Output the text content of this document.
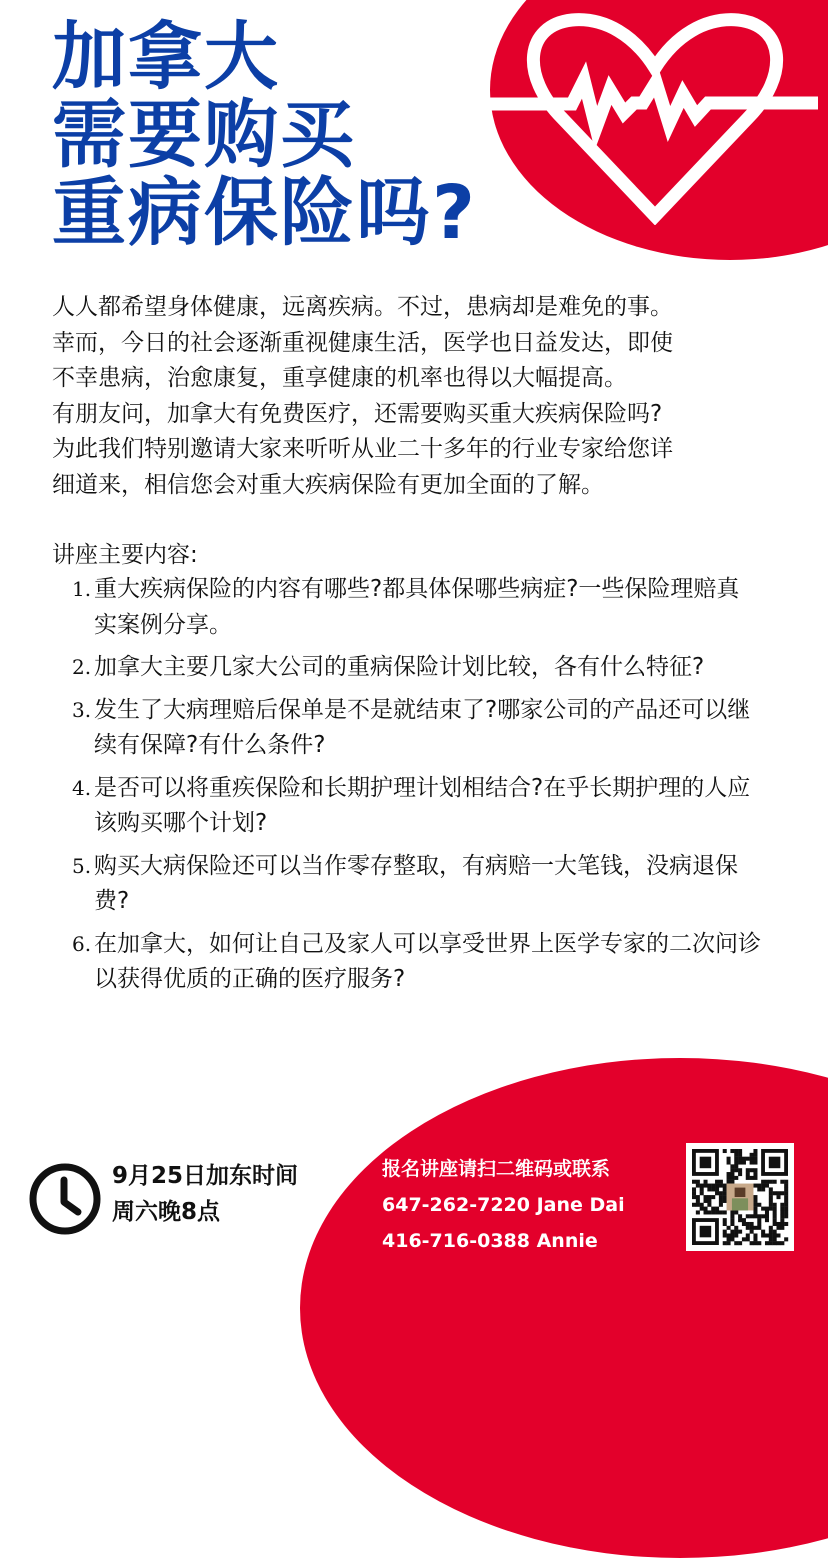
加拿大
需要购买
重病保险吗?

人人都希望身体健康，远离疾病。不过，患病却是难免的事。
幸而，今日的社会逐渐重视健康生活，医学也日益发达，即使
不幸患病，治愈康复，重享健康的机率也得以大幅提高。
有朋友问，加拿大有免费医疗，还需要购买重大疾病保险吗?
为此我们特别邀请大家来听听从业二十多年的行业专家给您详
细道来，相信您会对重大疾病保险有更加全面的了解。

讲座主要内容:

1. 重大疾病保险的内容有哪些?都具体保哪些病症?一些保险理赔真实案例分享。
2. 加拿大主要几家大公司的重病保险计划比较，各有什么特征?
3. 发生了大病理赔后保单是不是就结束了?哪家公司的产品还可以继续有保障?有什么条件?
4. 是否可以将重疾保险和长期护理计划相结合?在乎长期护理的人应该购买哪个计划?
5. 购买大病保险还可以当作零存整取，有病赔一大笔钱，没病退保费?
6. 在加拿大，如何让自己及家人可以享受世界上医学专家的二次问诊以获得优质的正确的医疗服务?
9月25日加东时间
周六晚8点
报名讲座请扫二维码或联系
647-262-7220 Jane Dai
416-716-0388 Annie
